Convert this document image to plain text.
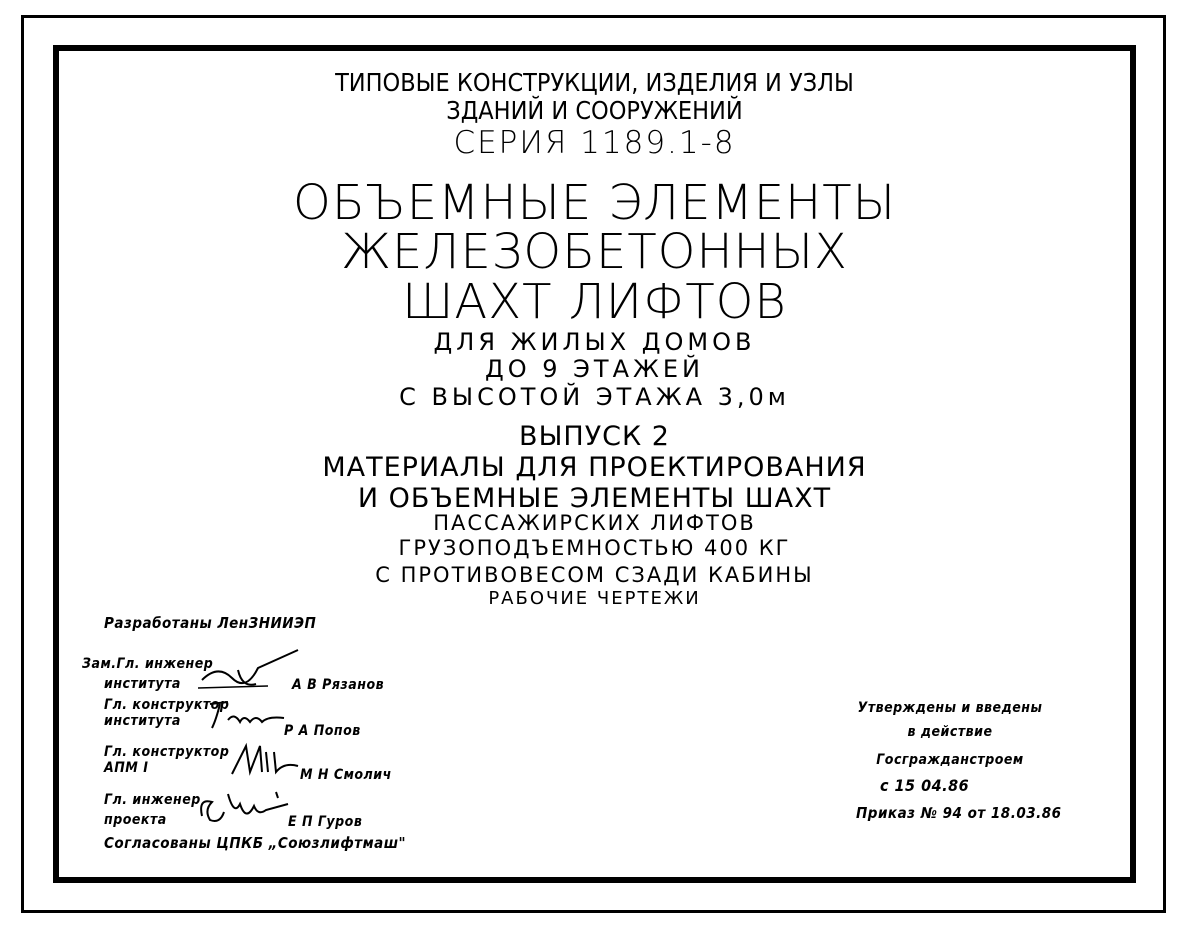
ТИПОВЫЕ КОНСТРУКЦИИ, ИЗДЕЛИЯ И УЗЛЫ
ЗДАНИЙ И СООРУЖЕНИЙ
СЕРИЯ 1189.1-8
ОБЪЕМНЫЕ ЭЛЕМЕНТЫ
ЖЕЛЕЗОБЕТОННЫХ
ШАХТ ЛИФТОВ
ДЛЯ ЖИЛЫХ ДОМОВ
ДО 9 ЭТАЖЕЙ
С ВЫСОТОЙ ЭТАЖА 3,0м
ВЫПУСК 2
МАТЕРИАЛЫ ДЛЯ ПРОЕКТИРОВАНИЯ
И ОБЪЕМНЫЕ ЭЛЕМЕНТЫ ШАХТ
ПАССАЖИРСКИХ ЛИФТОВ
ГРУЗОПОДЪЕМНОСТЬЮ 400 КГ
С ПРОТИВОВЕСОМ СЗАДИ КАБИНЫ
РАБОЧИЕ ЧЕРТЕЖИ
Разработаны ЛенЗНИИЭП
Зам.Гл. инженер
института	А В Рязанов
Гл. конструктор
института
Р А Попов
Гл. конструктор
АПМ I	М Н Смолич
Гл. инженер
проекта	Е П Гуров
Согласованы ЦПКБ „Союзлифтмаш"
Утверждены и введены
в действие
Госгражданстроем
с 15 04.86
Приказ № 94 от 18.03.86
